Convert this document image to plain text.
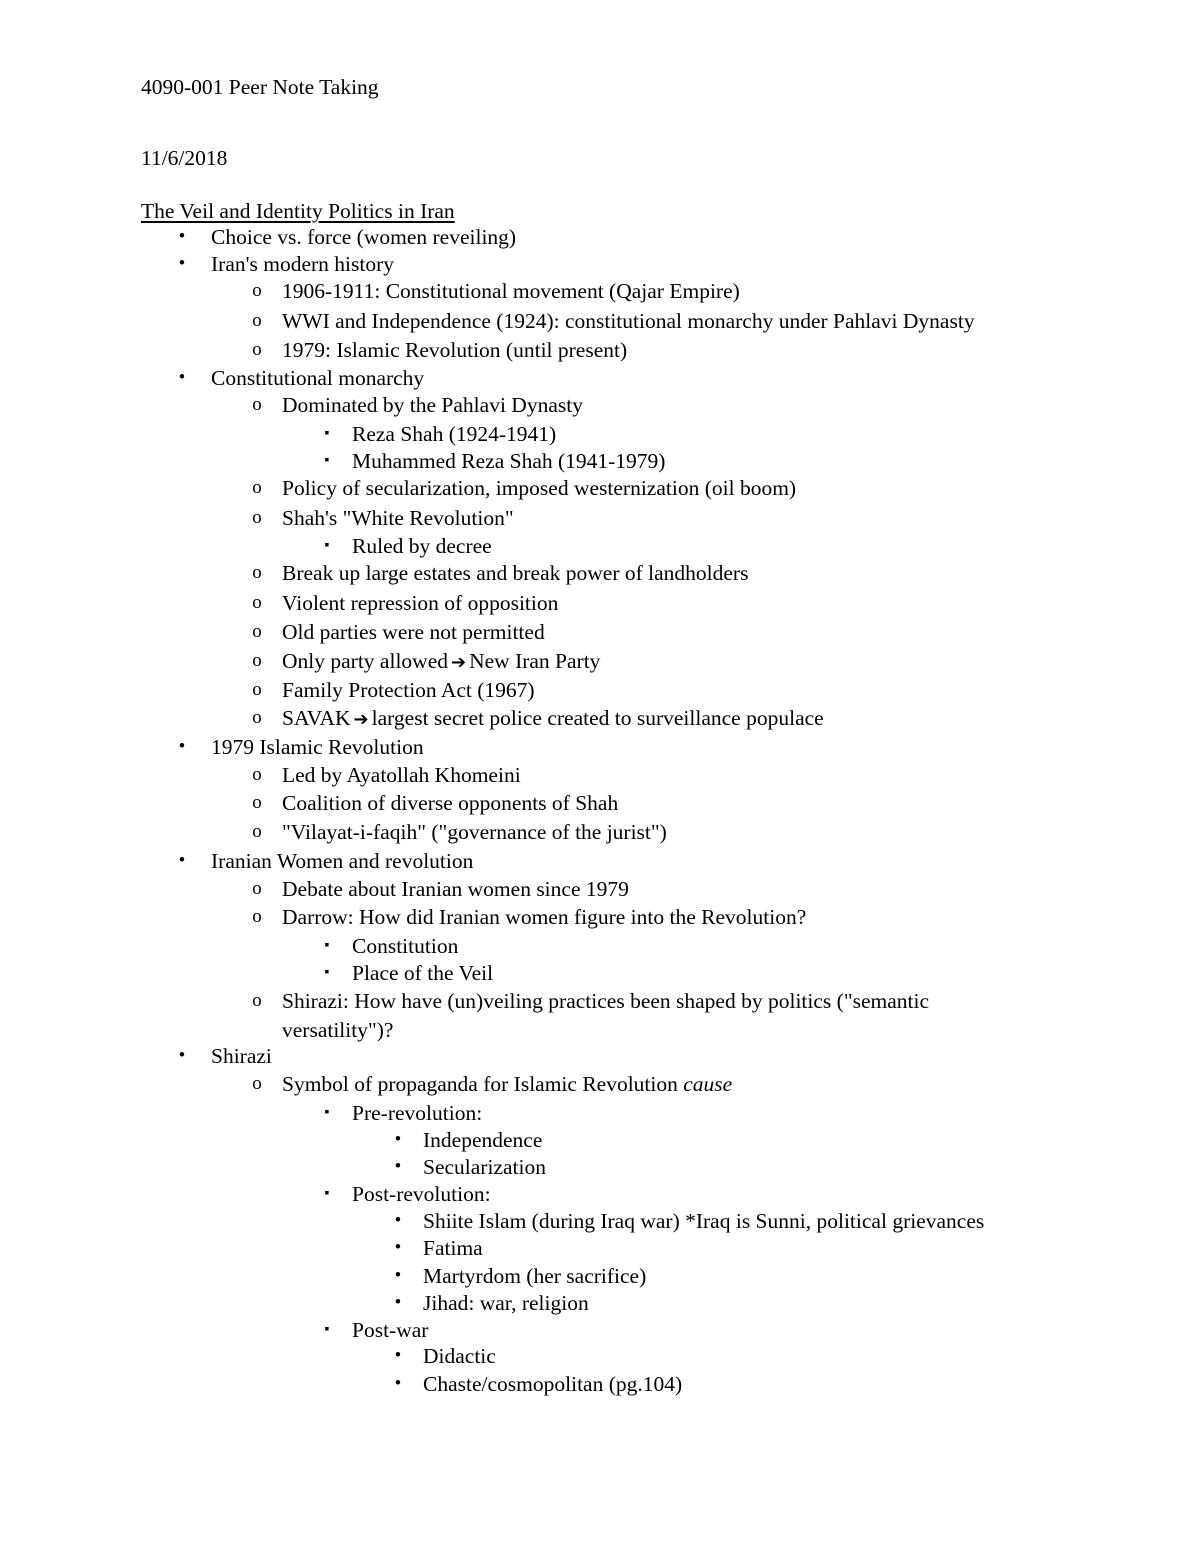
4090-001 Peer Note Taking
11/6/2018
The Veil and Identity Politics in Iran
• Choice vs. force (women reveiling)
• Iran's modern history
o 1906-1911: Constitutional movement (Qajar Empire)
o WWI and Independence (1924): constitutional monarchy under Pahlavi Dynasty
o 1979: Islamic Revolution (until present)
• Constitutional monarchy
o Dominated by the Pahlavi Dynasty
▪	Reza Shah (1924-1941)
▪	Muhammed Reza Shah (1941-1979)
o Policy of secularization, imposed westernization (oil boom)
o Shah's "White Revolution"
▪	Ruled by decree
o Break up large estates and break power of landholders
o Violent repression of opposition
o Old parties were not permitted
o Only party allowed ➔ New Iran Party
o Family Protection Act (1967)
o SAVAK ➔ largest secret police created to surveillance populace
• 1979 Islamic Revolution
o Led by Ayatollah Khomeini
o Coalition of diverse opponents of Shah
o "Vilayat-i-faqih" ("governance of the jurist")
• Iranian Women and revolution
o Debate about Iranian women since 1979
o Darrow: How did Iranian women figure into the Revolution?
▪	Constitution
▪	Place of the Veil
o Shirazi: How have (un)veiling practices been shaped by politics ("semantic
versatility")?
• Shirazi
o Symbol of propaganda for Islamic Revolution cause
▪	Pre-revolution:
• Independence
• Secularization
▪	Post-revolution:
• Shiite Islam (during Iraq war) *Iraq is Sunni, political grievances
• Fatima
• Martyrdom (her sacrifice)
• Jihad: war, religion
▪	Post-war
• Didactic
• Chaste/cosmopolitan (pg.104)
